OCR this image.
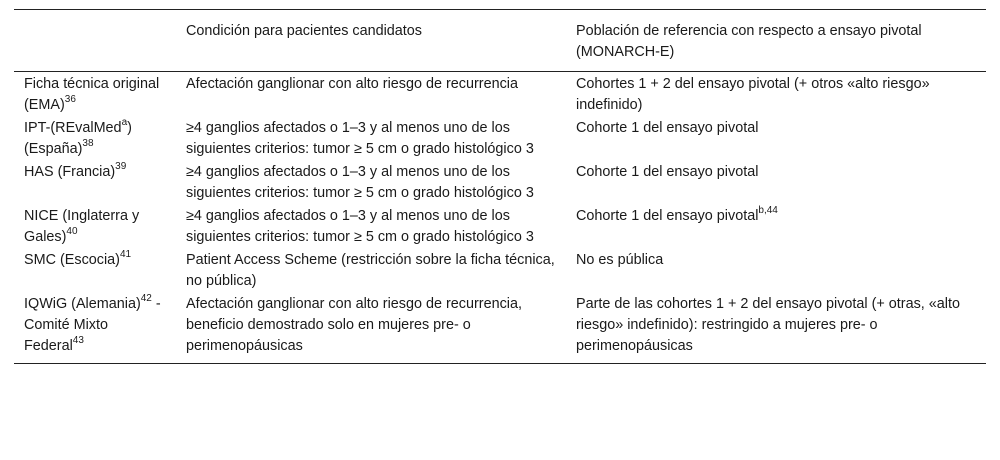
	Condición para pacientes candidatos	Población de referencia con respecto a ensayo pivotal (MONARCH-E)
Ficha técnica original (EMA)$^{36}$	Afectación ganglionar con alto riesgo de recurrencia	Cohortes 1 + 2 del ensayo pivotal (+ otros «alto riesgo» indefinido)
IPT-(REvalMed$^a$) (España)$^{38}$	≥4 ganglios afectados o 1–3 y al menos uno de los siguientes criterios: tumor ≥ 5 cm o grado histológico 3	Cohorte 1 del ensayo pivotal
HAS (Francia)$^{39}$	≥4 ganglios afectados o 1–3 y al menos uno de los siguientes criterios: tumor ≥ 5 cm o grado histológico 3	Cohorte 1 del ensayo pivotal
NICE (Inglaterra y Gales)$^{40}$	≥4 ganglios afectados o 1–3 y al menos uno de los siguientes criterios: tumor ≥ 5 cm o grado histológico 3	Cohorte 1 del ensayo pivotal$^{b,44}$
SMC (Escocia)$^{41}$	Patient Access Scheme (restricción sobre la ficha técnica, no pública)	No es pública
IQWiG (Alemania)$^{42}$ - Comité Mixto Federal$^{43}$	Afectación ganglionar con alto riesgo de recurrencia, beneficio demostrado solo en mujeres pre- o perimenopáusicas	Parte de las cohortes 1 + 2 del ensayo pivotal (+ otras, «alto riesgo» indefinido): restringido a mujeres pre- o perimenopáusicas
